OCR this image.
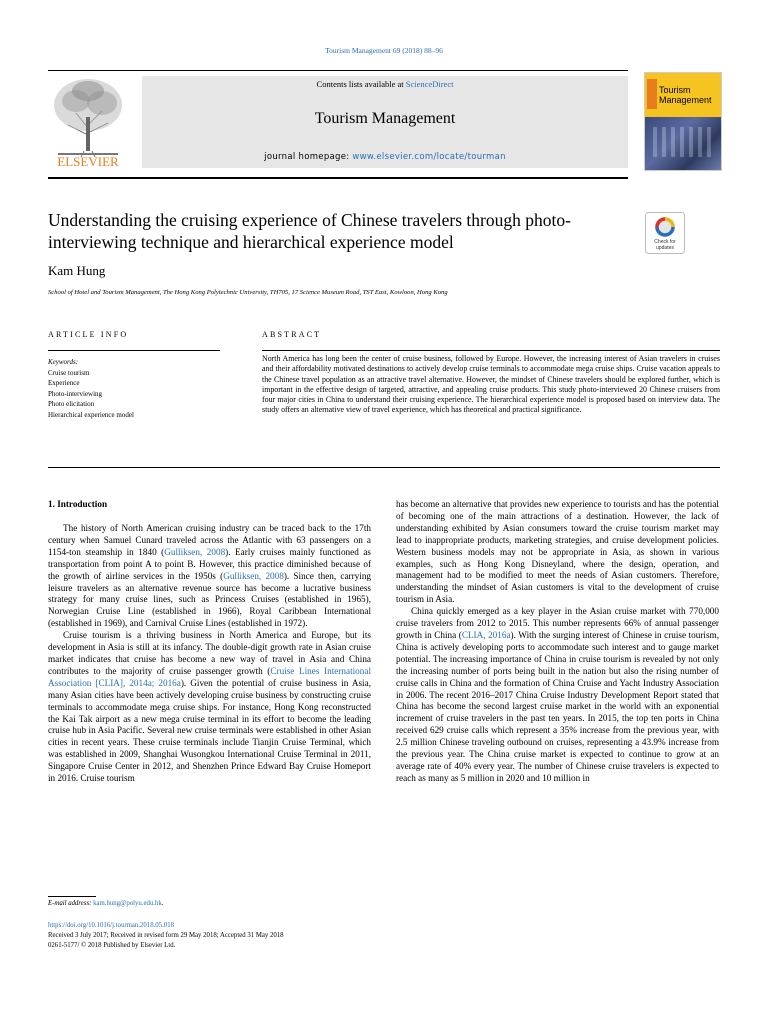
Tourism Management 69 (2018) 88–96
ELSEVIER
Contents lists available at ScienceDirect
Tourism Management
journal homepage: www.elsevier.com/locate/tourman
Tourism Management
Understanding the cruising experience of Chinese travelers through photo-interviewing technique and hierarchical experience model	Check for
updates
Kam Hung
School of Hotel and Tourism Management, The Hong Kong Polytechnic University, TH705, 17 Science Museum Road, TST East, Kowloon, Hong Kong
ARTICLE INFO	ABSTRACT
Keywords:
Cruise tourism
Experience
Photo-interviewing
Photo elicitation
Hierarchical experience model
North America has long been the center of cruise business, followed by Europe. However, the increasing interest of Asian travelers in cruises and their affordability motivated destinations to actively develop cruise terminals to accommodate mega cruise ships. Cruise vacation appeals to the Chinese travel population as an attractive travel alternative. However, the mindset of Chinese travelers should be explored further, which is important in the effective design of targeted, attractive, and appealing cruise products. This study photo-interviewed 20 Chinese cruisers from four major cities in China to understand their cruising experience. The hierarchical experience model is proposed based on interview data. The study offers an alternative view of travel experience, which has theoretical and practical significance.
1. Introduction

The history of North American cruising industry can be traced back to the 17th century when Samuel Cunard traveled across the Atlantic with 63 passengers on a 1154-ton steamship in 1840 (Gulliksen, 2008). Early cruises mainly functioned as transportation from point A to point B. However, this practice diminished because of the growth of airline services in the 1950s (Gulliksen, 2008). Since then, carrying leisure travelers as an alternative revenue source has become a lucrative business strategy for many cruise lines, such as Princess Cruises (established in 1965), Norwegian Cruise Line (established in 1966), Royal Caribbean International (established in 1969), and Carnival Cruise Lines (established in 1972).

Cruise tourism is a thriving business in North America and Europe, but its development in Asia is still at its infancy. The double-digit growth rate in Asian cruise market indicates that cruise has become a new way of travel in Asia and China contributes to the majority of cruise passenger growth (Cruise Lines International Association [CLIA], 2014a; 2016a). Given the potential of cruise business in Asia, many Asian cities have been actively developing cruise business by constructing cruise terminals to accommodate mega cruise ships. For instance, Hong Kong reconstructed the Kai Tak airport as a new mega cruise terminal in its effort to become the leading cruise hub in Asia Pacific. Several new cruise terminals were established in other Asian cities in recent years. These cruise terminals include Tianjin Cruise Terminal, which was established in 2009, Shanghai Wusongkou International Cruise Terminal in 2011, Singapore Cruise Center in 2012, and Shenzhen Prince Edward Bay Cruise Homeport in 2016. Cruise tourism

has become an alternative that provides new experience to tourists and has the potential of becoming one of the main attractions of a destination. However, the lack of understanding exhibited by Asian consumers toward the cruise tourism market may lead to inappropriate products, marketing strategies, and cruise development policies. Western business models may not be appropriate in Asia, as shown in various examples, such as Hong Kong Disneyland, where the design, operation, and management had to be modified to meet the needs of Asian customers. Therefore, understanding the mindset of Asian customers is vital to the development of cruise tourism in Asia.

China quickly emerged as a key player in the Asian cruise market with 770,000 cruise travelers from 2012 to 2015. This number represents 66% of annual passenger growth in China (CLIA, 2016a). With the surging interest of Chinese in cruise tourism, China is actively developing ports to accommodate such interest and to gauge market potential. The increasing importance of China in cruise tourism is revealed by not only the increasing number of ports being built in the nation but also the rising number of cruise calls in China and the formation of China Cruise and Yacht Industry Association in 2006. The recent 2016–2017 China Cruise Industry Development Report stated that China has become the second largest cruise market in the world with an exponential increment of cruise travelers in the past ten years. In 2015, the top ten ports in China received 629 cruise calls which represent a 35% increase from the previous year, with 2.5 million Chinese traveling outbound on cruises, representing a 43.9% increase from the previous year. The China cruise market is expected to continue to grow at an average rate of 40% every year. The number of Chinese cruise travelers is expected to reach as many as 5 million in 2020 and 10 million in

E-mail address: kam.hung@polyu.edu.hk.
https://doi.org/10.1016/j.tourman.2018.05.018
Received 3 July 2017; Received in revised form 29 May 2018; Accepted 31 May 2018
0261-5177/ © 2018 Published by Elsevier Ltd.
